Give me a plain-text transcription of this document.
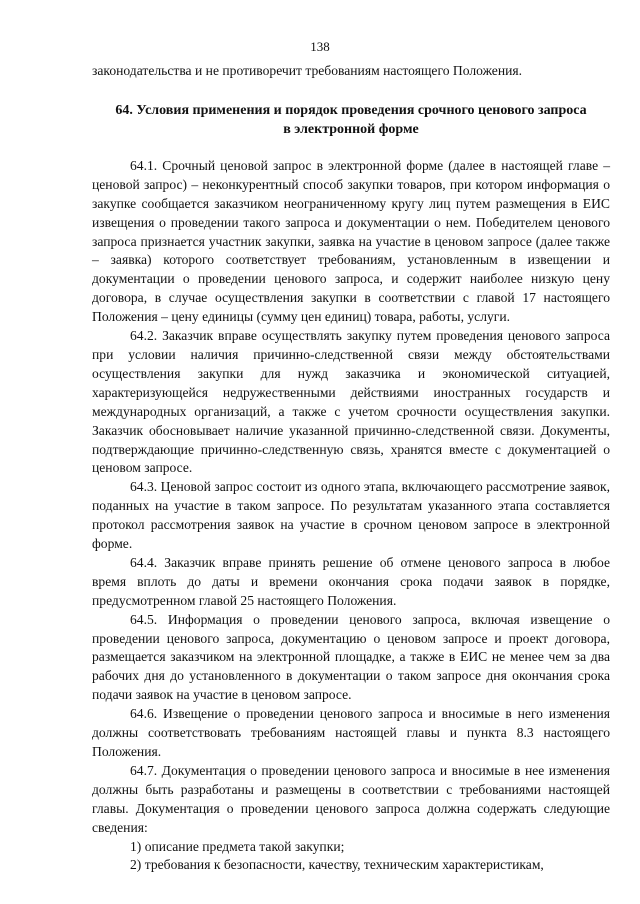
138

законодательства и не противоречит требованиям настоящего Положения.

64. Условия применения и порядок проведения срочного ценового запроса в электронной форме

64.1. Срочный ценовой запрос в электронной форме (далее в настоящей главе – ценовой запрос) – неконкурентный способ закупки товаров, при котором информация о закупке сообщается заказчиком неограниченному кругу лиц путем размещения в ЕИС извещения о проведении такого запроса и документации о нем. Победителем ценового запроса признается участник закупки, заявка на участие в ценовом запросе (далее также – заявка) которого соответствует требованиям, установленным в извещении и документации о проведении ценового запроса, и содержит наиболее низкую цену договора, в случае осуществления закупки в соответствии с главой 17 настоящего Положения – цену единицы (сумму цен единиц) товара, работы, услуги.

64.2. Заказчик вправе осуществлять закупку путем проведения ценового запроса при условии наличия причинно-следственной связи между обстоятельствами осуществления закупки для нужд заказчика и экономической ситуацией, характеризующейся недружественными действиями иностранных государств и международных организаций, а также с учетом срочности осуществления закупки. Заказчик обосновывает наличие указанной причинно-следственной связи. Документы, подтверждающие причинно-следственную связь, хранятся вместе с документацией о ценовом запросе.

64.3. Ценовой запрос состоит из одного этапа, включающего рассмотрение заявок, поданных на участие в таком запросе. По результатам указанного этапа составляется протокол рассмотрения заявок на участие в срочном ценовом запросе в электронной форме.

64.4. Заказчик вправе принять решение об отмене ценового запроса в любое время вплоть до даты и времени окончания срока подачи заявок в порядке, предусмотренном главой 25 настоящего Положения.

64.5. Информация о проведении ценового запроса, включая извещение о проведении ценового запроса, документацию о ценовом запросе и проект договора, размещается заказчиком на электронной площадке, а также в ЕИС не менее чем за два рабочих дня до установленного в документации о таком запросе дня окончания срока подачи заявок на участие в ценовом запросе.

64.6. Извещение о проведении ценового запроса и вносимые в него изменения должны соответствовать требованиям настоящей главы и пункта 8.3 настоящего Положения.

64.7. Документация о проведении ценового запроса и вносимые в нее изменения должны быть разработаны и размещены в соответствии с требованиями настоящей главы. Документация о проведении ценового запроса должна содержать следующие сведения:

1) описание предмета такой закупки;

2) требования к безопасности, качеству, техническим характеристикам,
